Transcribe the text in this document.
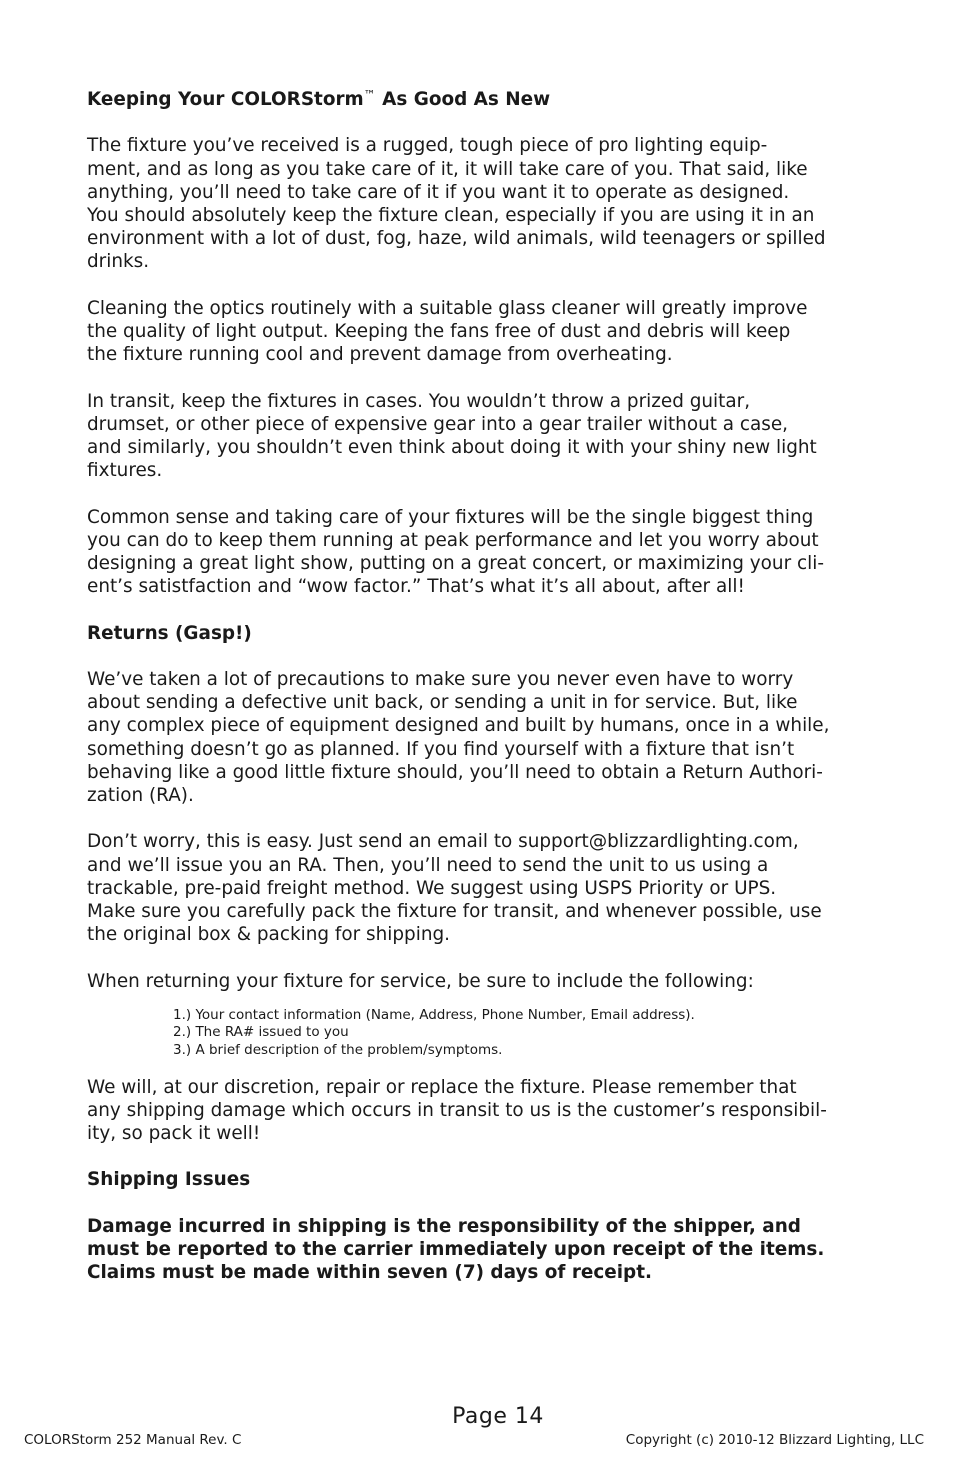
Keeping Your COLORStorm™ As Good As New

The fixture you’ve received is a rugged, tough piece of pro lighting equip-
ment, and as long as you take care of it, it will take care of you. That said, like
anything, you’ll need to take care of it if you want it to operate as designed.
You should absolutely keep the fixture clean, especially if you are using it in an
environment with a lot of dust, fog, haze, wild animals, wild teenagers or spilled
drinks.

Cleaning the optics routinely with a suitable glass cleaner will greatly improve
the quality of light output. Keeping the fans free of dust and debris will keep
the fixture running cool and prevent damage from overheating.

In transit, keep the fixtures in cases. You wouldn’t throw a prized guitar,
drumset, or other piece of expensive gear into a gear trailer without a case,
and similarly, you shouldn’t even think about doing it with your shiny new light
fixtures.

Common sense and taking care of your fixtures will be the single biggest thing
you can do to keep them running at peak performance and let you worry about
designing a great light show, putting on a great concert, or maximizing your cli-
ent’s satistfaction and “wow factor.” That’s what it’s all about, after all!

Returns (Gasp!)

We’ve taken a lot of precautions to make sure you never even have to worry
about sending a defective unit back, or sending a unit in for service. But, like
any complex piece of equipment designed and built by humans, once in a while,
something doesn’t go as planned. If you find yourself with a fixture that isn’t
behaving like a good little fixture should, you’ll need to obtain a Return Authori-
zation (RA).

Don’t worry, this is easy. Just send an email to support@blizzardlighting.com,
and we’ll issue you an RA. Then, you’ll need to send the unit to us using a
trackable, pre-paid freight method. We suggest using USPS Priority or UPS.
Make sure you carefully pack the fixture for transit, and whenever possible, use
the original box & packing for shipping.

When returning your fixture for service, be sure to include the following:

1.) Your contact information (Name, Address, Phone Number, Email address).
2.) The RA# issued to you
3.) A brief description of the problem/symptoms.

We will, at our discretion, repair or replace the fixture. Please remember that
any shipping damage which occurs in transit to us is the customer’s responsibil-
ity, so pack it well!

Shipping Issues

Damage incurred in shipping is the responsibility of the shipper, and
must be reported to the carrier immediately upon receipt of the items.
Claims must be made within seven (7) days of receipt.

Page 14
COLORStorm 252 Manual Rev. C	Copyright (c) 2010-12 Blizzard Lighting, LLC
